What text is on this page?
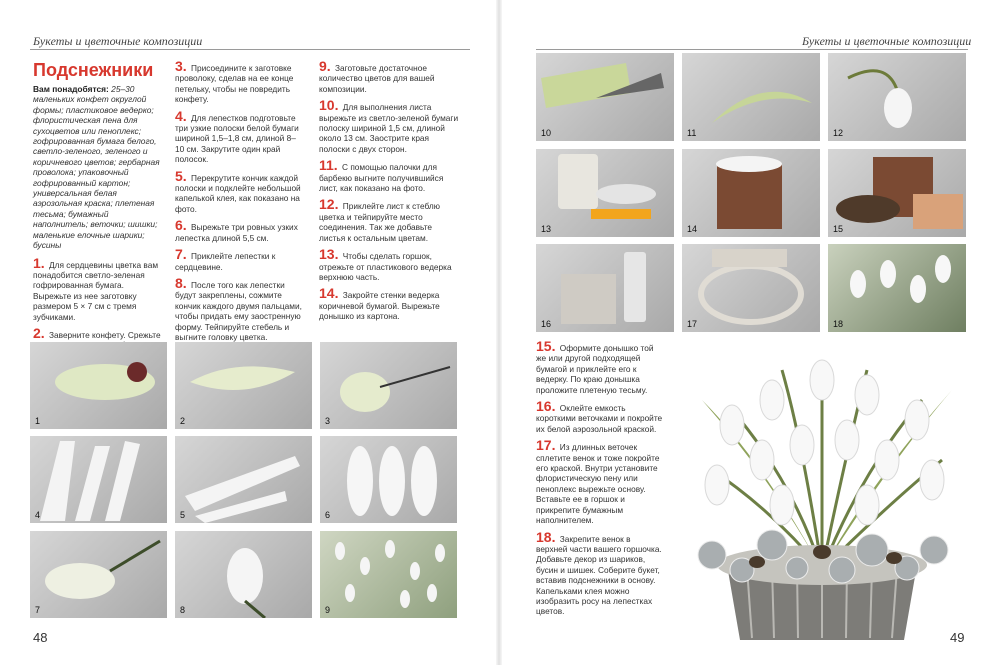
Букеты и цветочные композиции
Подснежники
Вам понадобятся: 25–30 маленьких конфет округлой формы; пластиковое ведерко; флористическая пена для сухоцветов или пеноплекс; гофрированная бумага белого, светло-зеленого, зеленого и коричневого цветов; гербарная проволока; упаковочный гофрированный картон; универсальная белая аэрозольная краска; плетеная тесьма; бумажный наполнитель; веточки; шишки; маленькие елочные шарики; бусины
1. Для сердцевины цветка вам понадобится светло-зеленая гофрированная бумага. Вырежьте из нее заготовку размером 5 × 7 см с тремя зубчиками.
2. Заверните конфету. Срежьте
3. Присоедините к заготовке проволоку, сделав на ее конце петельку, чтобы не повредить конфету.
4. Для лепестков подготовьте три узкие полоски белой бумаги шириной 1,5–1,8 см, длиной 8–10 см. Закрутите один край полосок.
5. Перекрутите кончик каждой полоски и подклейте небольшой капелькой клея, как показано на фото.
6. Вырежьте три ровных узких лепестка длиной 5,5 см.
7. Приклейте лепестки к сердцевине.
8. После того как лепестки будут закреплены, сожмите кончик каждого двумя пальцами, чтобы придать ему заостренную форму. Тейпируйте стебель и выгните головку цветка.
9. Заготовьте достаточное количество цветов для вашей композиции.
10. Для выполнения листа вырежьте из светло-зеленой бумаги полоску шириной 1,5 см, длиной около 13 см. Заострите края полоски с двух сторон.
11. С помощью палочки для барбекю выгните получившийся лист, как показано на фото.
12. Приклейте лист к стеблю цветка и тейпируйте место соединения. Так же добавьте листья к остальным цветам.
13. Чтобы сделать горшок, отрежьте от пластикового ведерка верхнюю часть.
14. Закройте стенки ведерка коричневой бумагой. Вырежьте донышко из картона.
1	2	3
4	5	6
7	8	9
48
Букеты и цветочные композиции
10	11	12
13	14	15
16	17	18
15. Оформите донышко той же или другой подходящей бумагой и приклейте его к ведерку. По краю донышка проложите плетеную тесьму.
16. Оклейте емкость короткими веточками и покройте их белой аэрозольной краской.
17. Из длинных веточек сплетите венок и тоже покройте его краской. Внутри установите флористическую пену или пеноплекс вырежьте основу. Вставьте ее в горшок и прикрепите бумажным наполнителем.
18. Закрепите венок в верхней части вашего горшочка. Добавьте декор из шариков, бусин и шишек. Соберите букет, вставив подснежники в основу. Капельками клея можно изобразить росу на лепестках цветов.
49
